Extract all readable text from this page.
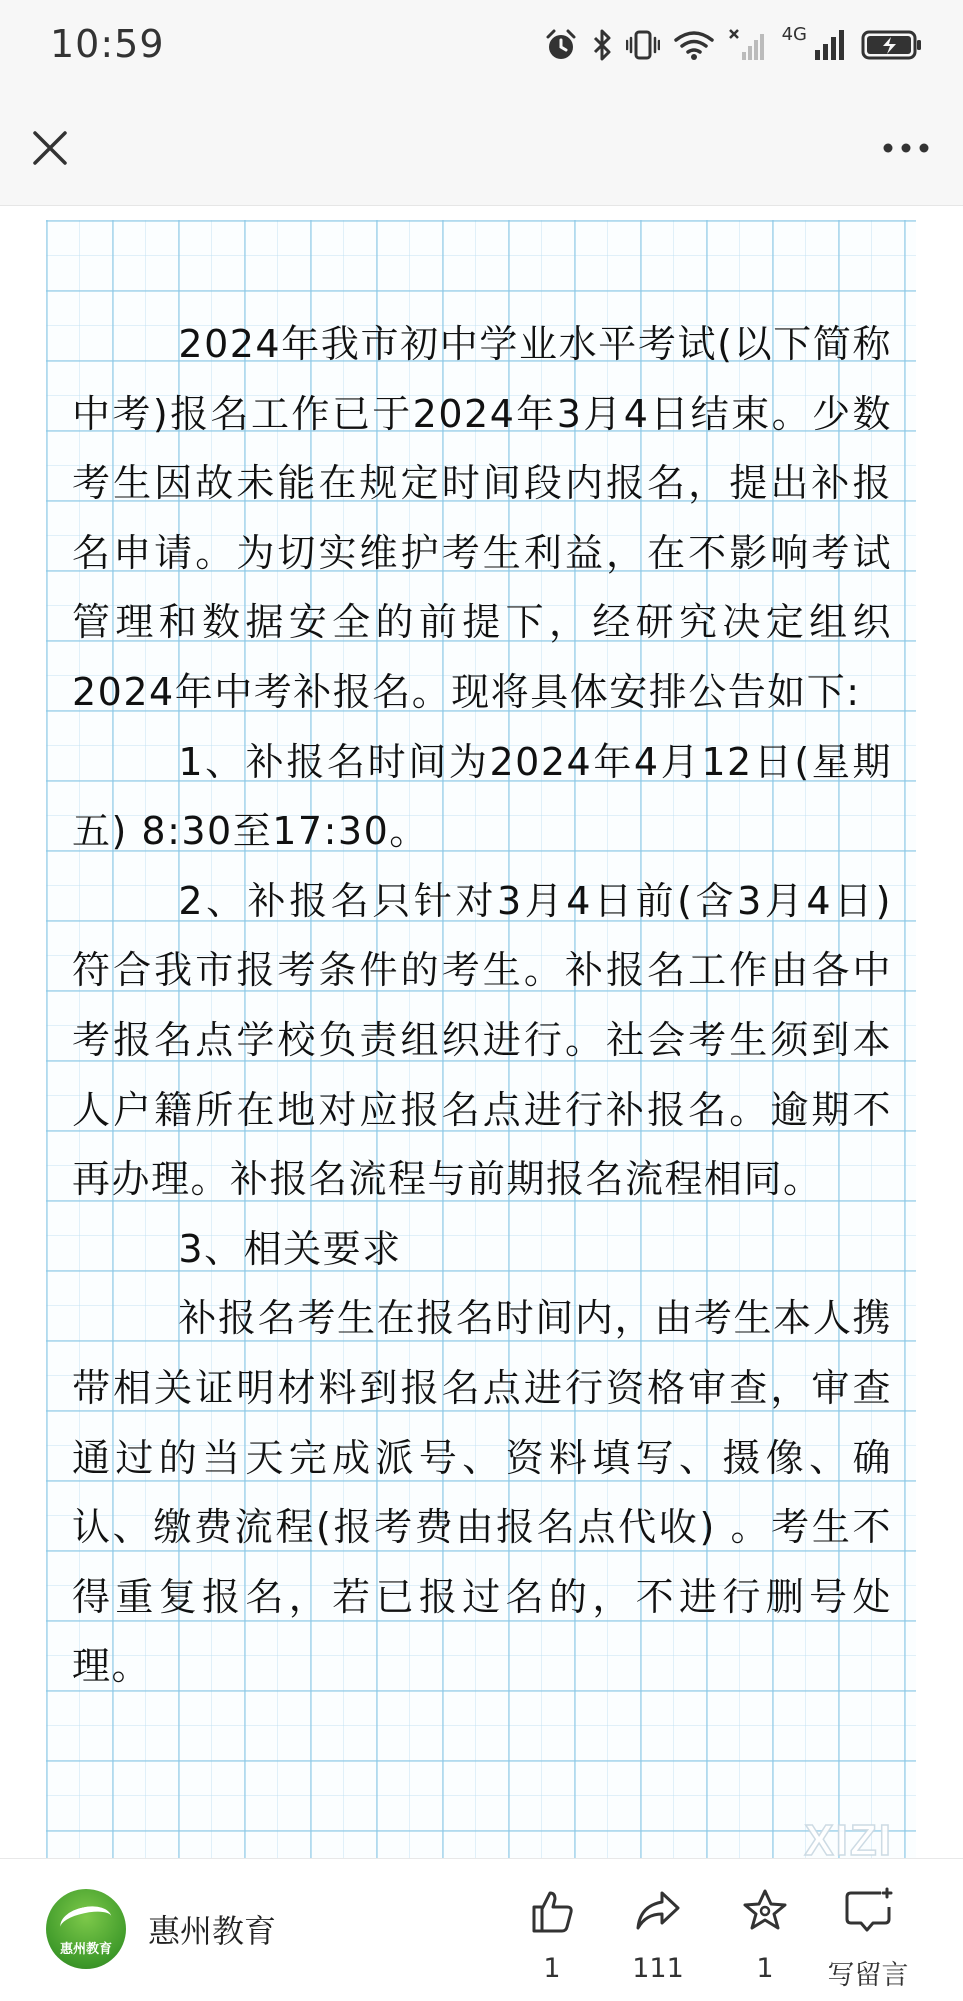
10:59	4G

2024年我市初中学业水平考试(以下简称中考)报名工作已于2024年3月4日结束。少数考生因故未能在规定时间段内报名，提出补报名申请。为切实维护考生利益，在不影响考试管理和数据安全的前提下，经研究决定组织2024年中考补报名。现将具体安排公告如下:

1、补报名时间为2024年4月12日(星期五) 8:30至17:30。

2、补报名只针对3月4日前(含3月4日) 符合我市报考条件的考生。补报名工作由各中考报名点学校负责组织进行。社会考生须到本人户籍所在地对应报名点进行补报名。逾期不再办理。补报名流程与前期报名流程相同。

3、相关要求

补报名考生在报名时间内，由考生本人携带相关证明材料到报名点进行资格审查，审查通过的当天完成派号、资料填写、摄像、确认、缴费流程(报考费由报名点代收) 。考生不得重复报名，若已报过名的，不进行删号处理。

XIZI
惠州教育	惠州教育
1	111	1 写留言
